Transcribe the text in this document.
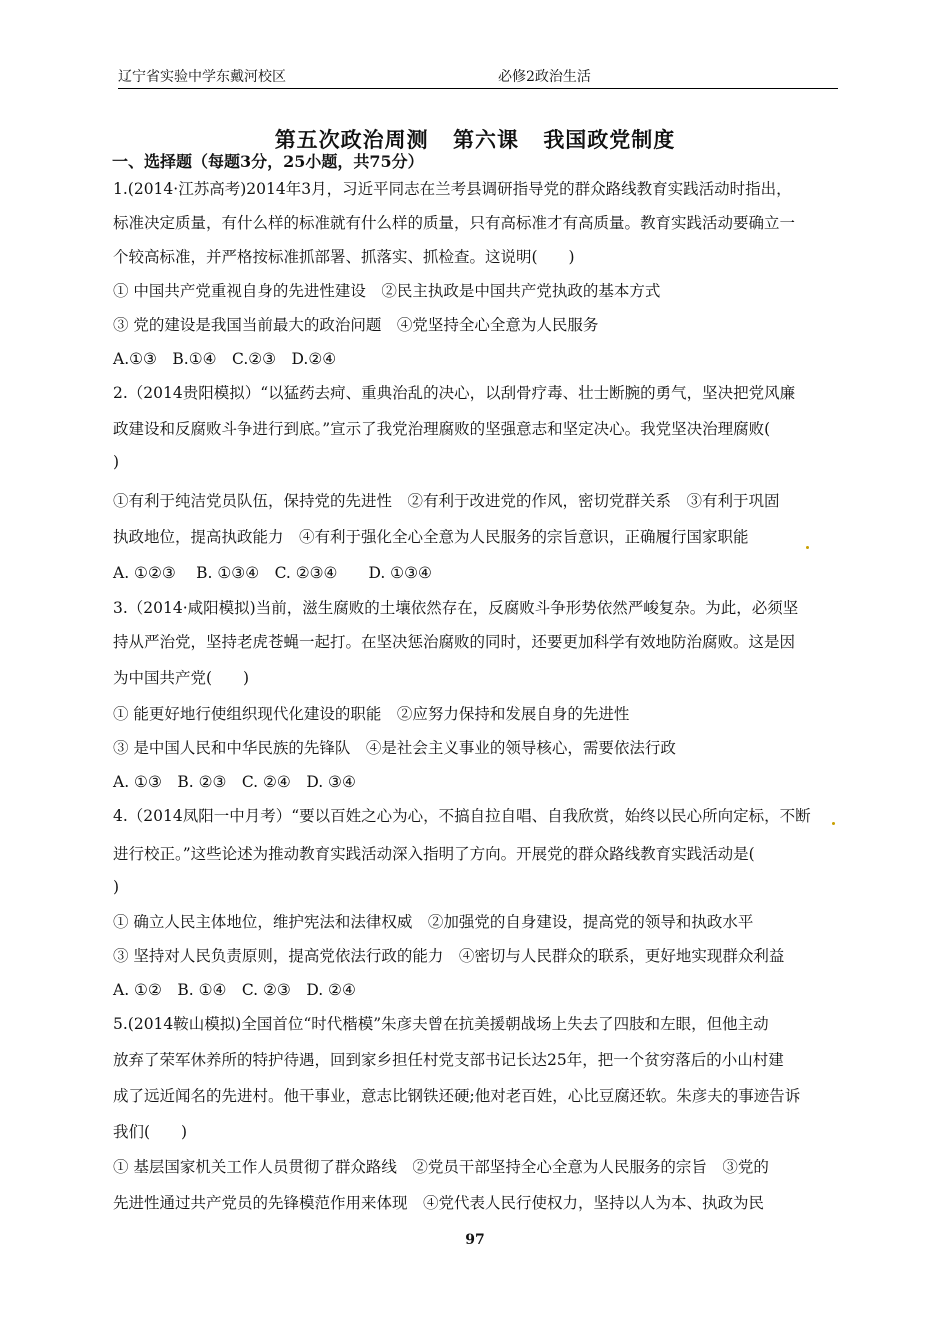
辽宁省实验中学东戴河校区	必修2政治生活
第五次政治周测 第六课 我国政党制度
一、选择题（每题3分，25小题，共75分）
1.(2014·江苏高考)2014年3月，习近平同志在兰考县调研指导党的群众路线教育实践活动时指出，
标准决定质量，有什么样的标准就有什么样的质量，只有高标准才有高质量。教育实践活动要确立一
个较高标准，并严格按标准抓部署、抓落实、抓检查。这说明(　　)
① 中国共产党重视自身的先进性建设　②民主执政是中国共产党执政的基本方式
③ 党的建设是我国当前最大的政治问题　④党坚持全心全意为人民服务
A.①③　B.①④　C.②③　D.②④
2.（2014贵阳模拟）“以猛药去疴、重典治乱的决心，以刮骨疗毒、壮士断腕的勇气，坚决把党风廉
政建设和反腐败斗争进行到底。”宣示了我党治理腐败的坚强意志和坚定决心。我党坚决治理腐败(
)
①有利于纯洁党员队伍，保持党的先进性　②有利于改进党的作风，密切党群关系　③有利于巩固
执政地位，提高执政能力　④有利于强化全心全意为人民服务的宗旨意识，正确履行国家职能
A. ①②③　 B. ①③④　C. ②③④　　D. ①③④
3.（2014·咸阳模拟)当前，滋生腐败的土壤依然存在，反腐败斗争形势依然严峻复杂。为此，必须坚
持从严治党，坚持老虎苍蝇一起打。在坚决惩治腐败的同时，还要更加科学有效地防治腐败。这是因
为中国共产党(　　)
① 能更好地行使组织现代化建设的职能　②应努力保持和发展自身的先进性
③ 是中国人民和中华民族的先锋队　④是社会主义事业的领导核心，需要依法行政
A. ①③　B. ②③　C. ②④　D. ③④
4.（2014凤阳一中月考）“要以百姓之心为心，不搞自拉自唱、自我欣赏，始终以民心所向定标，不断
进行校正。”这些论述为推动教育实践活动深入指明了方向。开展党的群众路线教育实践活动是(
)
① 确立人民主体地位，维护宪法和法律权威　②加强党的自身建设，提高党的领导和执政水平
③ 坚持对人民负责原则，提高党依法行政的能力　④密切与人民群众的联系，更好地实现群众利益
A. ①②　B. ①④　C. ②③　D. ②④
5.(2014鞍山模拟)全国首位“时代楷模”朱彦夫曾在抗美援朝战场上失去了四肢和左眼，但他主动
放弃了荣军休养所的特护待遇，回到家乡担任村党支部书记长达25年，把一个贫穷落后的小山村建
成了远近闻名的先进村。他干事业，意志比钢铁还硬;他对老百姓，心比豆腐还软。朱彦夫的事迹告诉
我们(　　)
① 基层国家机关工作人员贯彻了群众路线　②党员干部坚持全心全意为人民服务的宗旨　③党的
先进性通过共产党员的先锋模范作用来体现　④党代表人民行使权力，坚持以人为本、执政为民
97
